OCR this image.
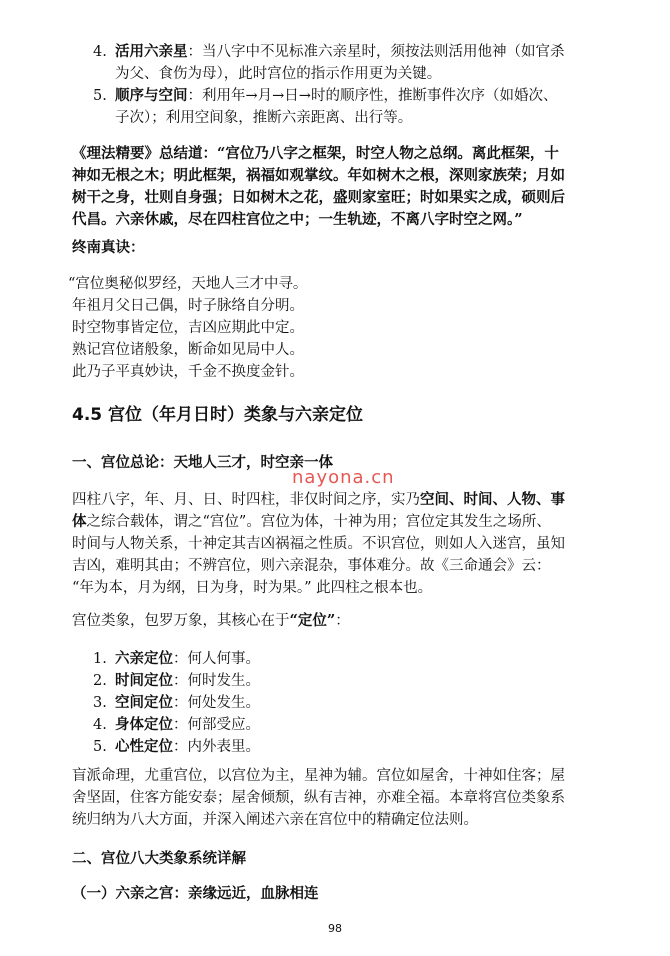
4. 活用六亲星：当八字中不见标准六亲星时，须按法则活用他神（如官杀
为父、食伤为母），此时宫位的指示作用更为关键。
5. 顺序与空间：利用年→月→日→时的顺序性，推断事件次序（如婚次、
子次）；利用空间象，推断六亲距离、出行等。
《理法精要》总结道：“宫位乃八字之框架，时空人物之总纲。离此框架，十
神如无根之木；明此框架，祸福如观掌纹。年如树木之根，深则家族荣；月如
树干之身，壮则自身强；日如树木之花，盛则家室旺；时如果实之成，硕则后
代昌。六亲休戚，尽在四柱宫位之中；一生轨迹，不离八字时空之网。”
终南真诀：
“宫位奥秘似罗经，天地人三才中寻。
年祖月父日己偶，时子脉络自分明。
时空物事皆定位，吉凶应期此中定。
熟记宫位诸般象，断命如见局中人。
此乃子平真妙诀，千金不换度金针。
4.5 宫位（年月日时）类象与六亲定位
一、宫位总论：天地人三才，时空亲一体
nayona.cn
四柱八字，年、月、日、时四柱，非仅时间之序，实乃空间、时间、人物、事
体之综合载体，谓之“宫位”。宫位为体，十神为用；宫位定其发生之场所、
时间与人物关系，十神定其吉凶祸福之性质。不识宫位，则如人入迷宫，虽知
吉凶，难明其由；不辨宫位，则六亲混杂，事体难分。故《三命通会》云：
“年为本，月为纲，日为身，时为果。” 此四柱之根本也。
宫位类象，包罗万象，其核心在于“定位”：
1. 六亲定位：何人何事。
2. 时间定位：何时发生。
3. 空间定位：何处发生。
4. 身体定位：何部受应。
5. 心性定位：内外表里。
盲派命理，尤重宫位，以宫位为主，星神为辅。宫位如屋舍，十神如住客；屋
舍坚固，住客方能安泰；屋舍倾颓，纵有吉神，亦难全福。本章将宫位类象系
统归纳为八大方面，并深入阐述六亲在宫位中的精确定位法则。
二、宫位八大类象系统详解
（一）六亲之宫：亲缘远近，血脉相连
98
